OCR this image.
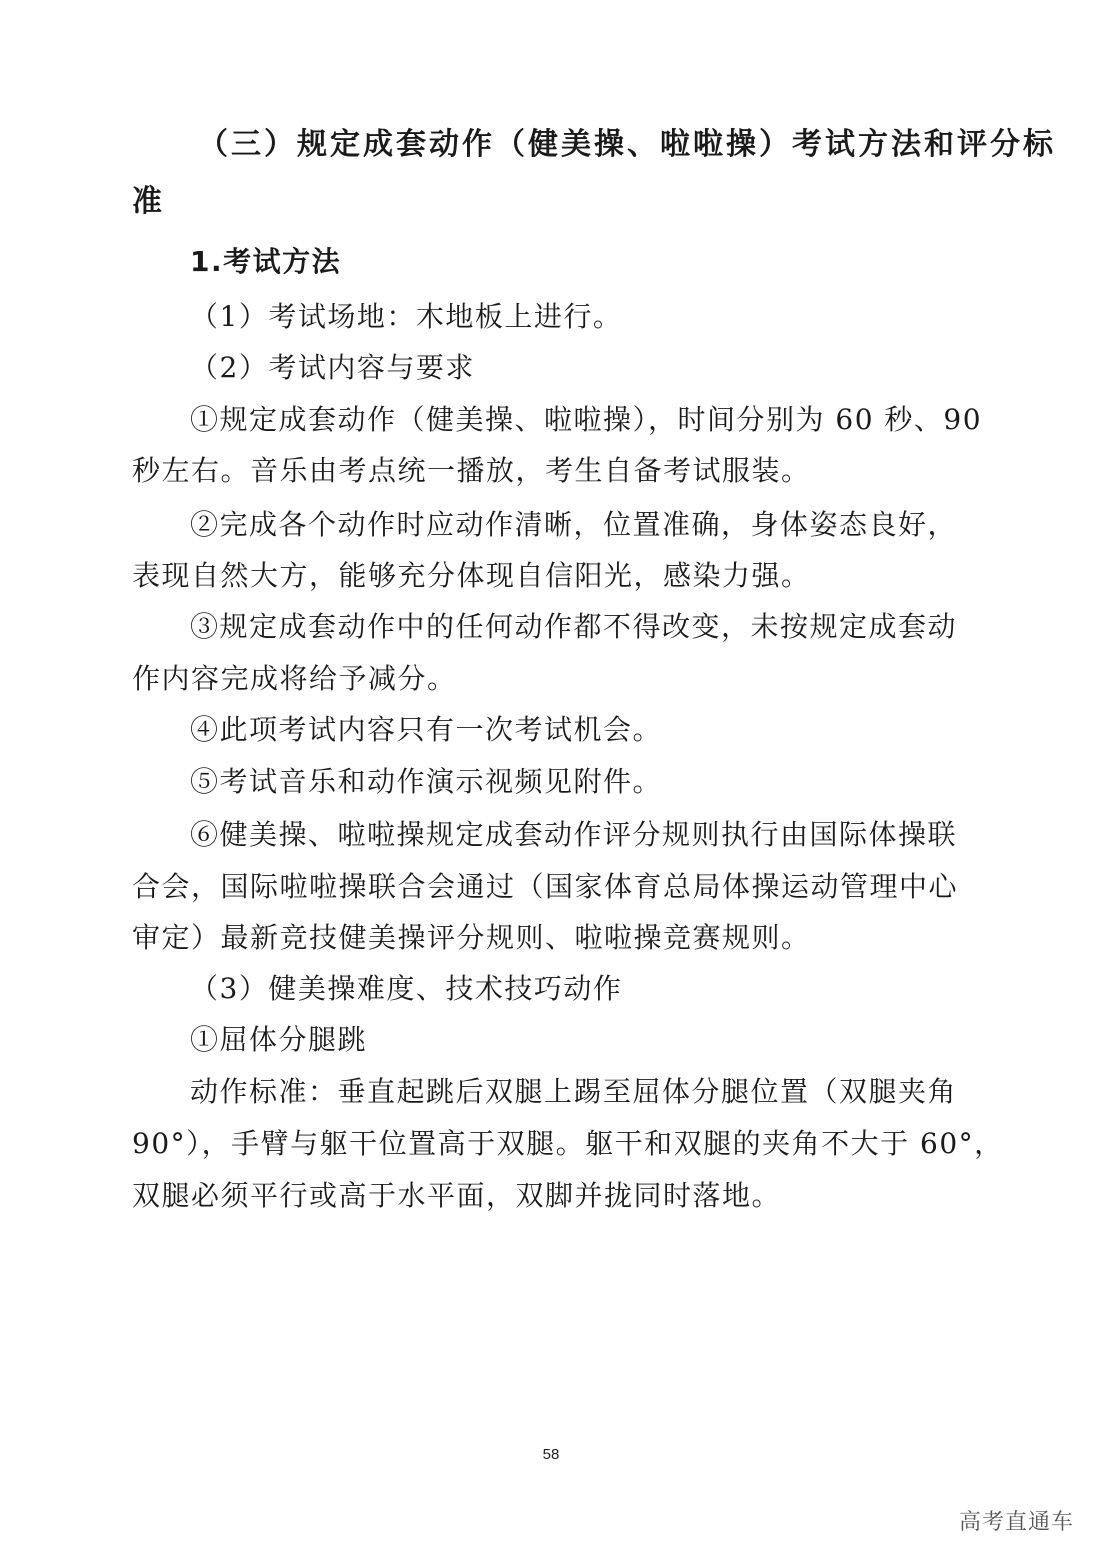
（三）规定成套动作（健美操、啦啦操）考试方法和评分标
准
1.考试方法
（1）考试场地：木地板上进行。
（2）考试内容与要求
①规定成套动作（健美操、啦啦操），时间分别为 60 秒、90
秒左右。音乐由考点统一播放，考生自备考试服装。
②完成各个动作时应动作清晰，位置准确，身体姿态良好，
表现自然大方，能够充分体现自信阳光，感染力强。
③规定成套动作中的任何动作都不得改变，未按规定成套动
作内容完成将给予减分。
④此项考试内容只有一次考试机会。
⑤考试音乐和动作演示视频见附件。
⑥健美操、啦啦操规定成套动作评分规则执行由国际体操联
合会，国际啦啦操联合会通过（国家体育总局体操运动管理中心
审定）最新竞技健美操评分规则、啦啦操竞赛规则。
（3）健美操难度、技术技巧动作
①屈体分腿跳
动作标准：垂直起跳后双腿上踢至屈体分腿位置（双腿夹角
90°），手臂与躯干位置高于双腿。躯干和双腿的夹角不大于 60°，
双腿必须平行或高于水平面，双脚并拢同时落地。
58
高考直通车
